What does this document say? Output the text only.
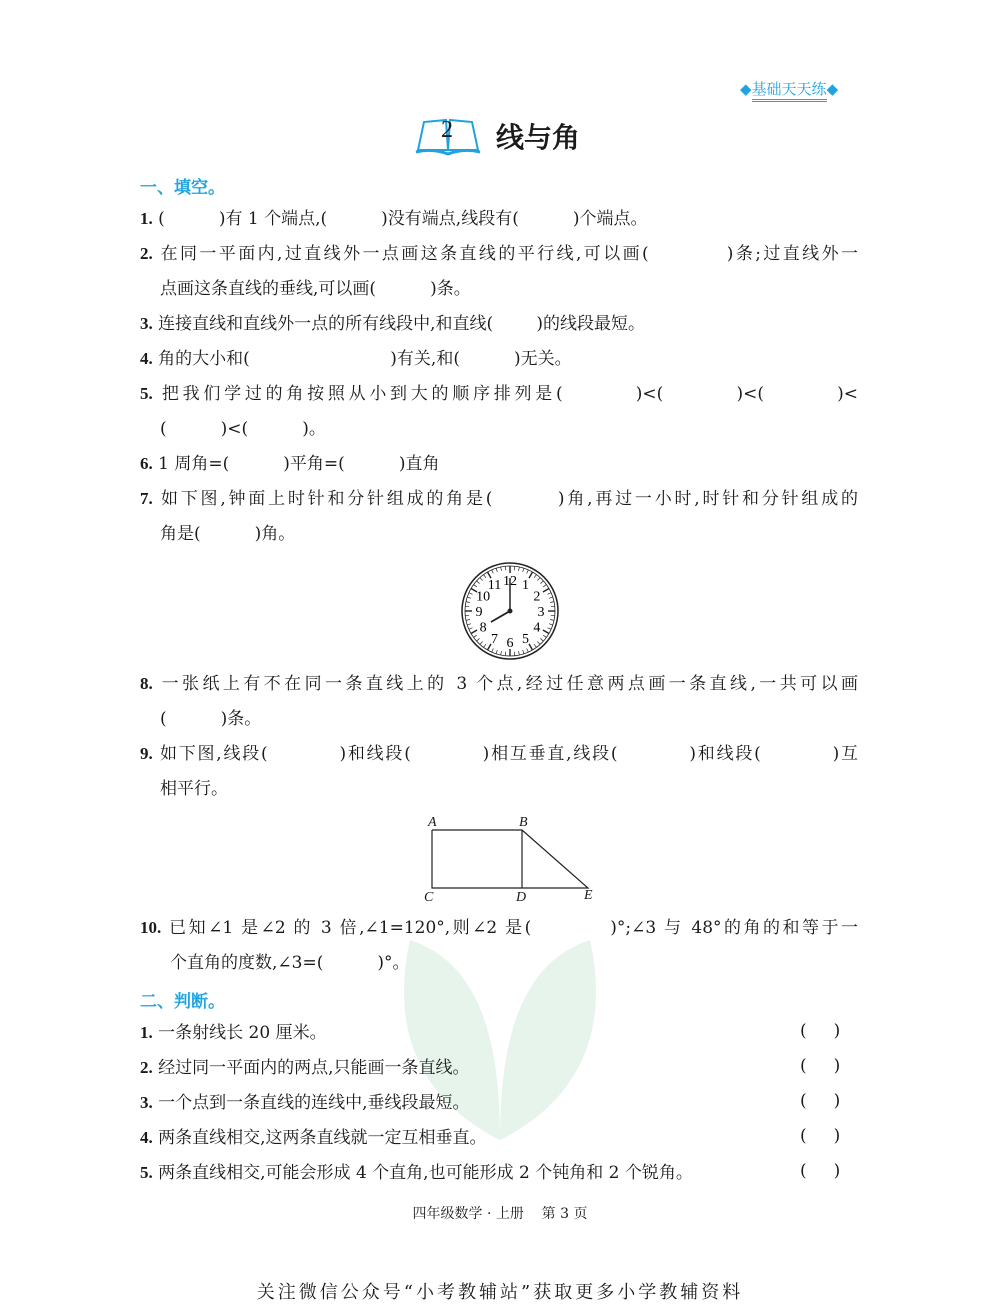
◆基础天天练◆
2 线与角
一、填空。
1. (          )有 1 个端点,(          )没有端点,线段有(          )个端点。
2. 在同一平面内,过直线外一点画这条直线的平行线,可以画(          )条;过直线外一
点画这条直线的垂线,可以画(          )条。
3. 连接直线和直线外一点的所有线段中,和直线(        )的线段最短。
4. 角的大小和(                          )有关,和(          )无关。
5. 把我们学过的角按照从小到大的顺序排列是(        )<(        )<(        )<
(          )<(          )。
6. 1 周角=(          )平角=(          )直角
7. 如下图,钟面上时针和分针组成的角是(        )角,再过一小时,时针和分针组成的
角是(          )角。
12 1
2
3
4
5
6
7
8
9
10
11
8. 一张纸上有不在同一条直线上的 3 个点,经过任意两点画一条直线,一共可以画
(          )条。
9. 如下图,线段(          )和线段(          )相互垂直,线段(          )和线段(          )互
相平行。
A	B
C	D	E
10. 已知∠1 是∠2 的 3 倍,∠1=120°,则∠2 是(          )°;∠3 与 48°的角的和等于一
个直角的度数,∠3=(          )°。
二、判断。
1. 一条射线长 20 厘米。	(     )
2. 经过同一平面内的两点,只能画一条直线。	(     )
3. 一个点到一条直线的连线中,垂线段最短。	(     )
4. 两条直线相交,这两条直线就一定互相垂直。	(     )
5. 两条直线相交,可能会形成 4 个直角,也可能形成 2 个钝角和 2 个锐角。	(     )
四年级数学 · 上册    第 3 页
关注微信公众号“小考教辅站”获取更多小学教辅资料
